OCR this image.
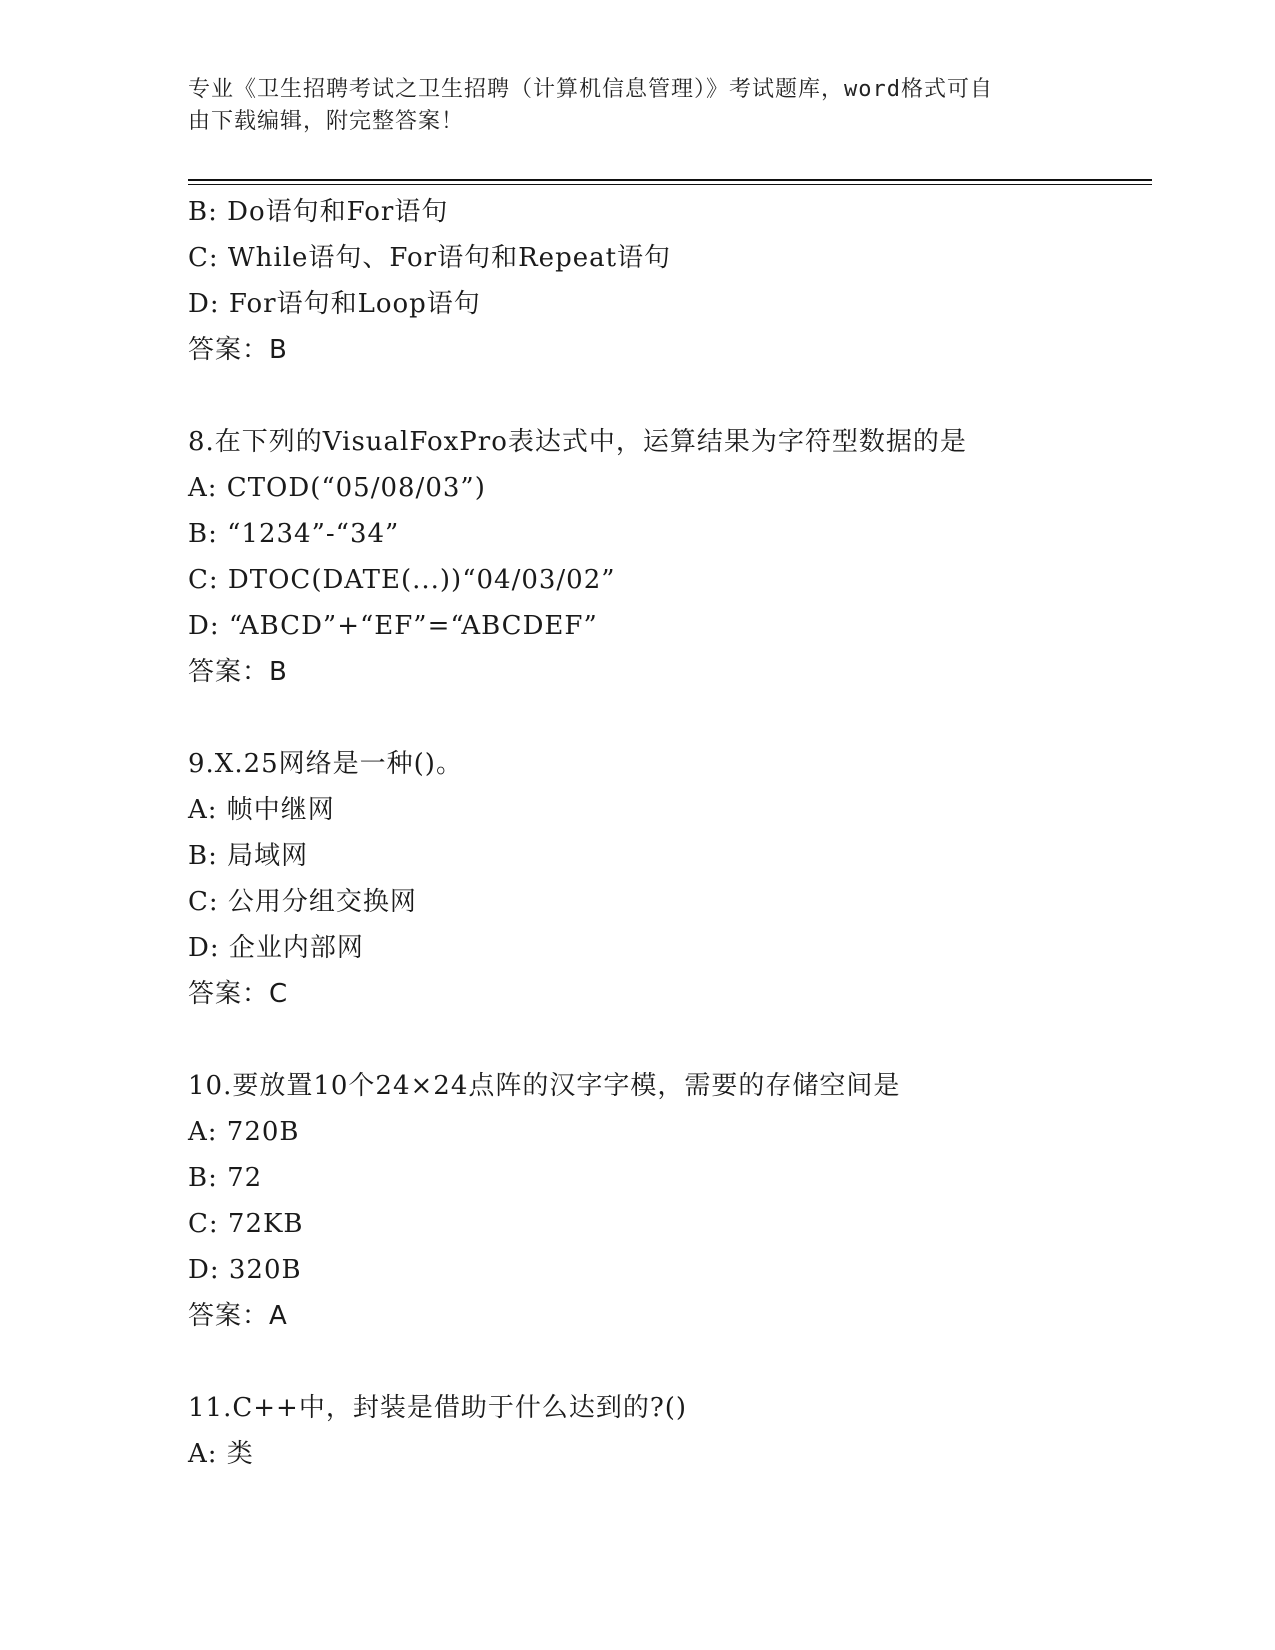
专业《卫生招聘考试之卫生招聘（计算机信息管理）》考试题库，word格式可自
由下载编辑，附完整答案！
B: Do语句和For语句
C: While语句、For语句和Repeat语句
D: For语句和Loop语句
答案：B
8.在下列的VisualFoxPro表达式中，运算结果为字符型数据的是
A: CTOD(“05/08/03”)
B: “1234”-“34”
C: DTOC(DATE(...))“04/03/02”
D: “ABCD”+“EF”=“ABCDEF”
答案：B
9.X.25网络是一种()。
A: 帧中继网
B: 局域网
C: 公用分组交换网
D: 企业内部网
答案：C
10.要放置10个24×24点阵的汉字字模，需要的存储空间是
A: 720B
B: 72
C: 72KB
D: 320B
答案：A
11.C++中，封装是借助于什么达到的?()
A: 类
